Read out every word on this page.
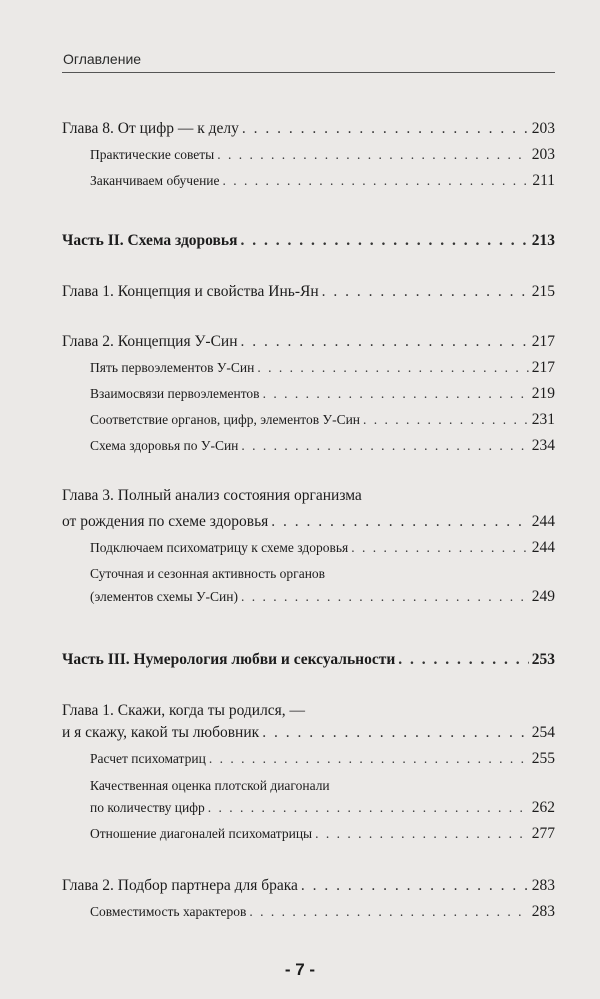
Оглавление
Глава 8. От цифр — к делу . . .	203
Практические советы . . .	203
Заканчиваем обучение . . .	211
Часть II. Схема здоровья . . .	213
Глава 1. Концепция и свойства Инь-Ян . . .	215
Глава 2. Концепция У-Син . . .	217
Пять первоэлементов У-Син . . .	217
Взаимосвязи первоэлементов . . .	219
Соответствие органов, цифр, элементов У-Син . . .	231
Схема здоровья по У-Син . . .	234
Глава 3. Полный анализ состояния организма
от рождения по схеме здоровья . . .	244
Подключаем психоматрицу к схеме здоровья . . .	244
Суточная и сезонная активность органов
(элементов схемы У-Син) . . .	249
Часть III. Нумерология любви и сексуальности . . .	253
Глава 1. Скажи, когда ты родился, —
и я скажу, какой ты любовник . . .	254
Расчет психоматриц . . .	255
Качественная оценка плотской диагонали
по количеству цифр . . .	262
Отношение диагоналей психоматрицы . . .	277
Глава 2. Подбор партнера для брака . . .	283
Совместимость характеров . . .	283
- 7 -
